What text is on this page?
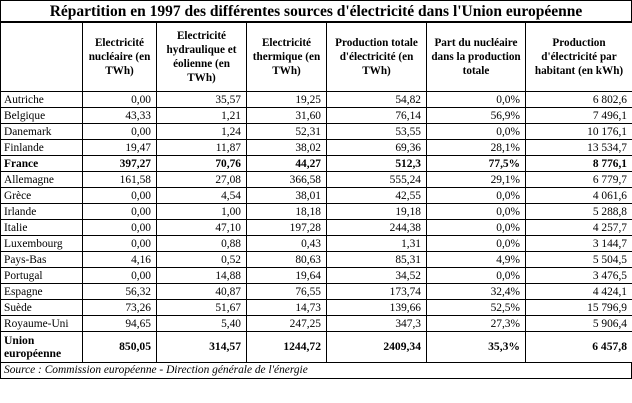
Répartition en 1997 des différentes sources d'électricité dans l'Union européenne
	Electricité nucléaire (en TWh)	Electricité hydraulique et éolienne (en TWh)	Electricité thermique (en TWh)	Production totale d'électricité (en TWh)	Part du nucléaire dans la production totale	Production d'électricité par habitant (en kWh)
Autriche	0,00	35,57	19,25	54,82	0,0%	6 802,6
Belgique	43,33	1,21	31,60	76,14	56,9%	7 496,1
Danemark	0,00	1,24	52,31	53,55	0,0%	10 176,1
Finlande	19,47	11,87	38,02	69,36	28,1%	13 534,7
France	397,27	70,76	44,27	512,3	77,5%	8 776,1
Allemagne	161,58	27,08	366,58	555,24	29,1%	6 779,7
Grèce	0,00	4,54	38,01	42,55	0,0%	4 061,6
Irlande	0,00	1,00	18,18	19,18	0,0%	5 288,8
Italie	0,00	47,10	197,28	244,38	0,0%	4 257,7
Luxembourg	0,00	0,88	0,43	1,31	0,0%	3 144,7
Pays-Bas	4,16	0,52	80,63	85,31	4,9%	5 504,5
Portugal	0,00	14,88	19,64	34,52	0,0%	3 476,5
Espagne	56,32	40,87	76,55	173,74	32,4%	4 424,1
Suède	73,26	51,67	14,73	139,66	52,5%	15 796,9
Royaume-Uni	94,65	5,40	247,25	347,3	27,3%	5 906,4
Union européenne	850,05	314,57	1244,72	2409,34	35,3%	6 457,8
Source : Commission européenne - Direction générale de l'énergie
